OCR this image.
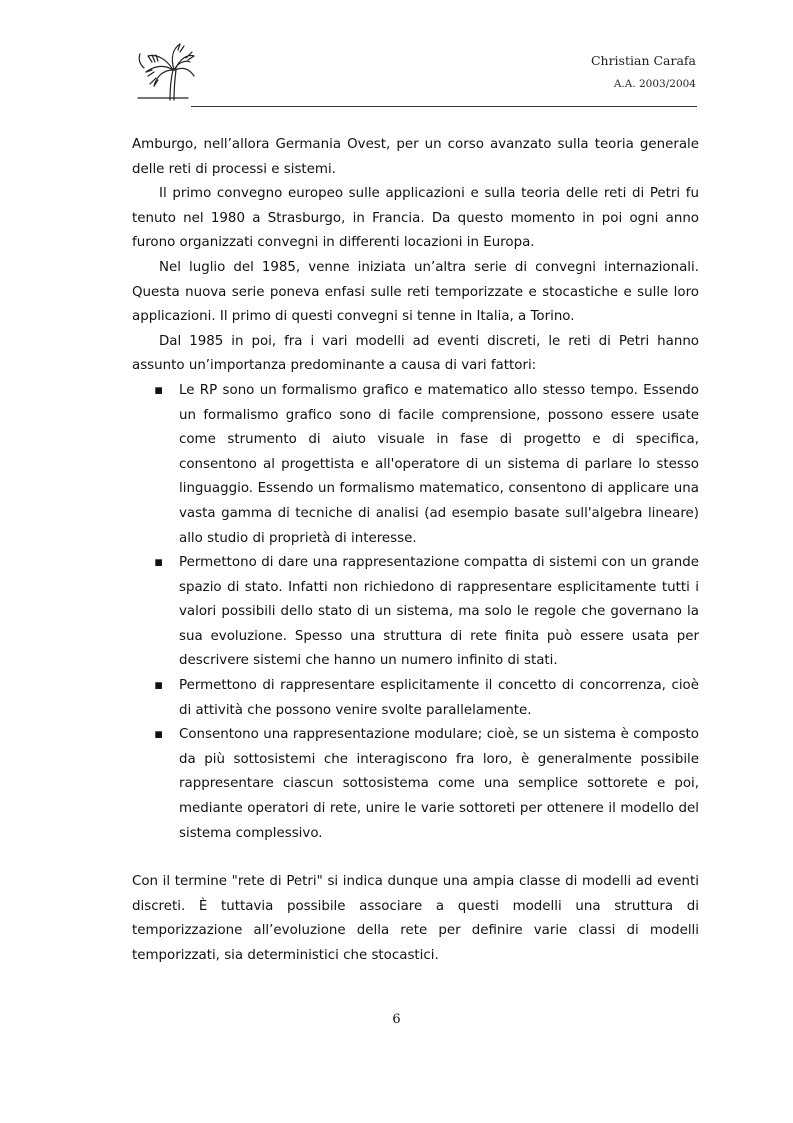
Christian Carafa
A.A. 2003/2004

Amburgo, nell’allora Germania Ovest, per un corso avanzato sulla teoria generale delle reti di processi e sistemi.

Il primo convegno europeo sulle applicazioni e sulla teoria delle reti di Petri fu tenuto nel 1980 a Strasburgo, in Francia. Da questo momento in poi ogni anno furono organizzati convegni in differenti locazioni in Europa.

Nel luglio del 1985, venne iniziata un’altra serie di convegni internazionali. Questa nuova serie poneva enfasi sulle reti temporizzate e stocastiche e sulle loro applicazioni. Il primo di questi convegni si tenne in Italia, a Torino.

Dal 1985 in poi, fra i vari modelli ad eventi discreti, le reti di Petri hanno assunto un’importanza predominante a causa di vari fattori:

▪ Le RP sono un formalismo grafico e matematico allo stesso tempo. Essendo un formalismo grafico sono di facile comprensione, possono essere usate come strumento di aiuto visuale in fase di progetto e di specifica, consentono al progettista e all'operatore di un sistema di parlare lo stesso linguaggio. Essendo un formalismo matematico, consentono di applicare una vasta gamma di tecniche di analisi (ad esempio basate sull'algebra lineare) allo studio di proprietà di interesse.
▪ Permettono di dare una rappresentazione compatta di sistemi con un grande spazio di stato. Infatti non richiedono di rappresentare esplicitamente tutti i valori possibili dello stato di un sistema, ma solo le regole che governano la sua evoluzione. Spesso una struttura di rete finita può essere usata per descrivere sistemi che hanno un numero infinito di stati.
▪ Permettono di rappresentare esplicitamente il concetto di concorrenza, cioè di attività che possono venire svolte parallelamente.
▪ Consentono una rappresentazione modulare; cioè, se un sistema è composto da più sottosistemi che interagiscono fra loro, è generalmente possibile rappresentare ciascun sottosistema come una semplice sottorete e poi, mediante operatori di rete, unire le varie sottoreti per ottenere il modello del sistema complessivo.

Con il termine "rete di Petri" si indica dunque una ampia classe di modelli ad eventi discreti. È tuttavia possibile associare a questi modelli una struttura di temporizzazione all’evoluzione della rete per definire varie classi di modelli temporizzati, sia deterministici che stocastici.

6
